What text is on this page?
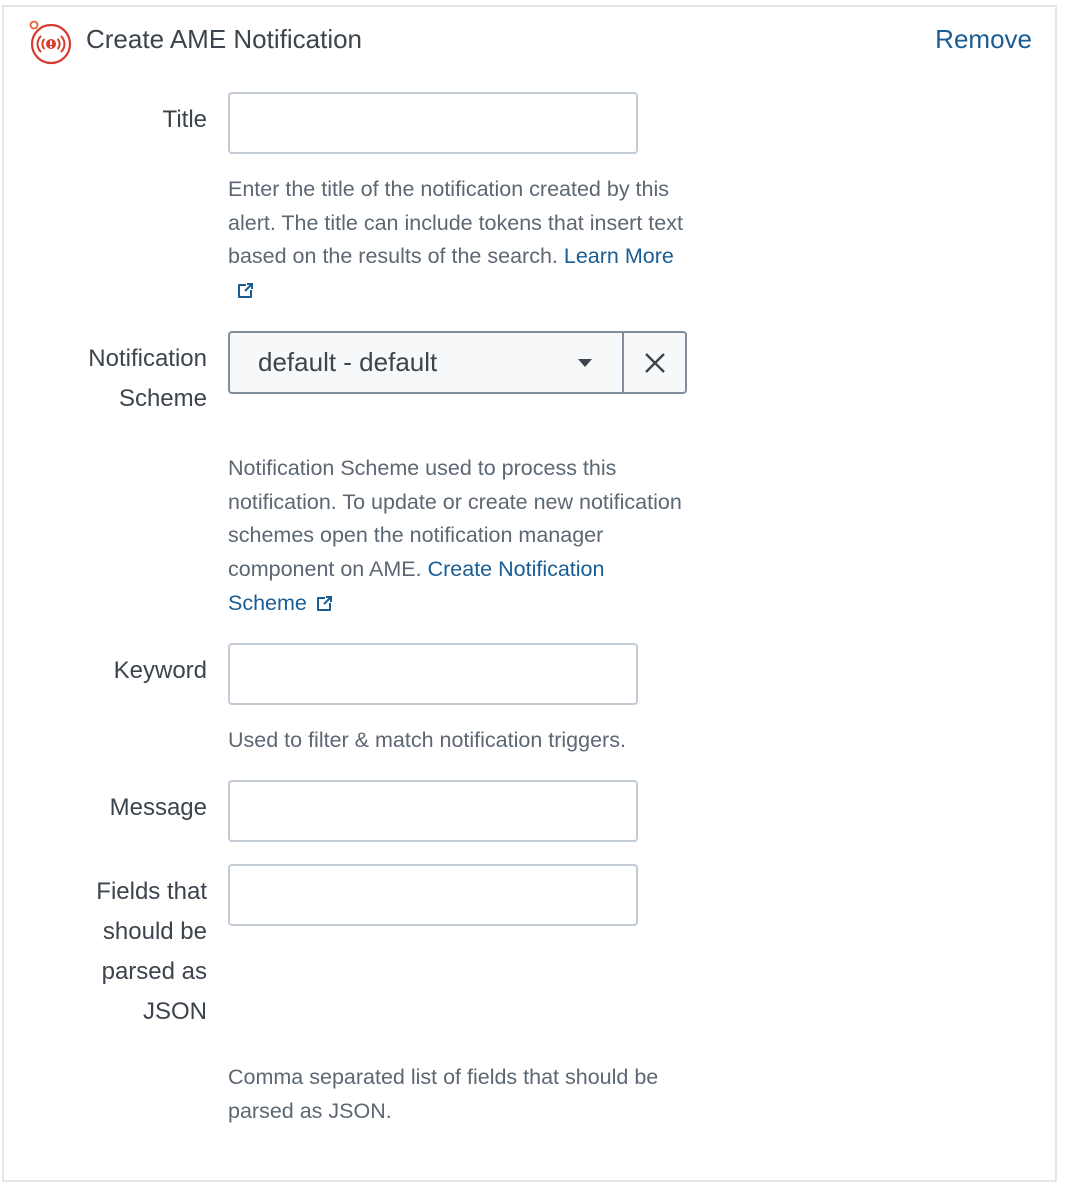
Create AME Notification	Remove
Title
Enter the title of the notification created by this alert. The title can include tokens that insert text based on the results of the search. Learn More
Notification
Scheme
default - default
Notification Scheme used to process this notification. To update or create new notification schemes open the notification manager component on AME. Create Notification Scheme
Keyword
Used to filter & match notification triggers.
Message
Fields that should be parsed as JSON
Comma separated list of fields that should be parsed as JSON.
